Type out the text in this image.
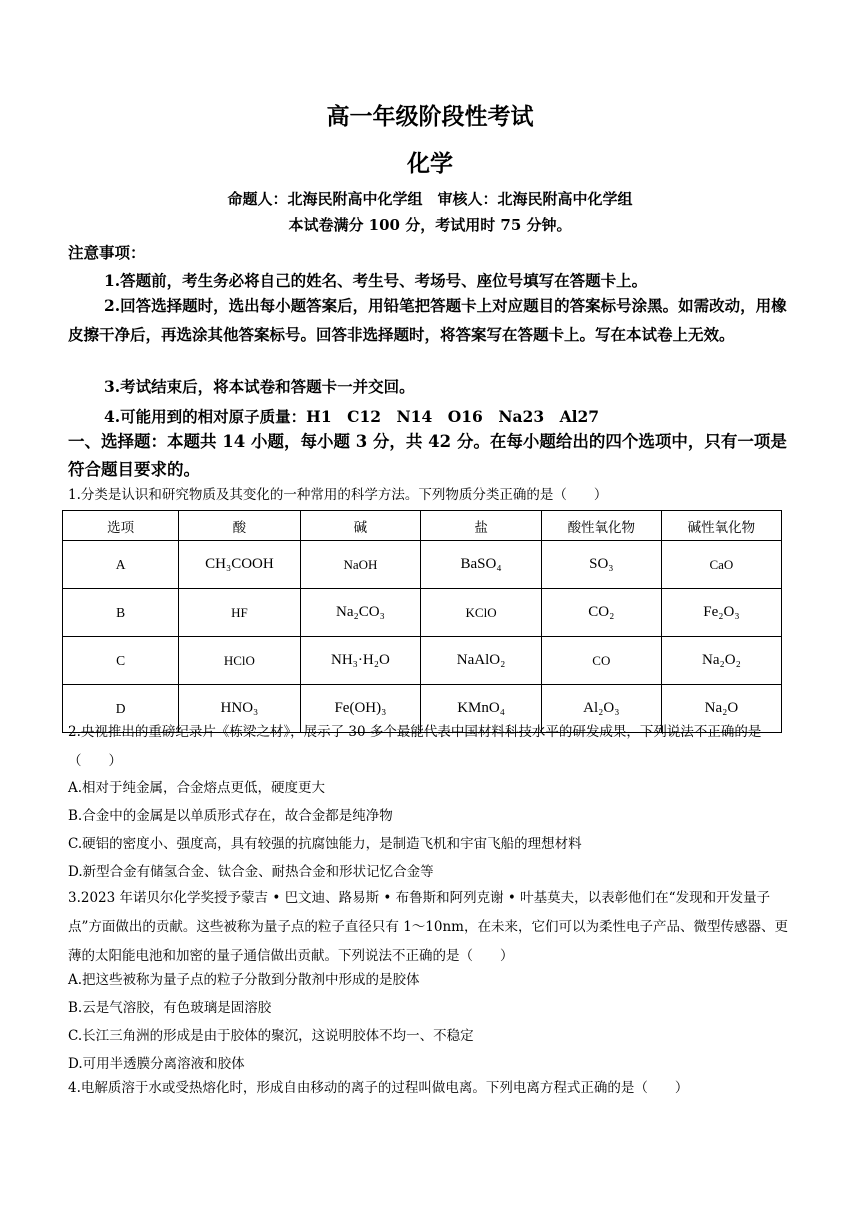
高一年级阶段性考试
化学
命题人：北海民附高中化学组　审核人：北海民附高中化学组
本试卷满分 100 分，考试用时 75 分钟。
注意事项：
1.答题前，考生务必将自己的姓名、考生号、考场号、座位号填写在答题卡上。
2.回答选择题时，选出每小题答案后，用铅笔把答题卡上对应题目的答案标号涂黑。如需改动，用橡皮擦干净后，再选涂其他答案标号。回答非选择题时，将答案写在答题卡上。写在本试卷上无效。
3.考试结束后，将本试卷和答题卡一并交回。
4.可能用到的相对原子质量：H1　C12　N14　O16　Na23　Al27
一、选择题：本题共 14 小题，每小题 3 分，共 42 分。在每小题给出的四个选项中，只有一项是符合题目要求的。
1.分类是认识和研究物质及其变化的一种常用的科学方法。下列物质分类正确的是（　　）
选项	酸	碱	盐	酸性氧化物	碱性氧化物
A	CH₃COOH	NaOH	BaSO₄	SO₃	CaO
B	HF	Na₂CO₃	KClO	CO₂	Fe₂O₃
C	HClO	NH₃·H₂O	NaAlO₂	CO	Na₂O₂
D	HNO₃	Fe(OH)₃	KMnO₄	Al₂O₃	Na₂O
2.央视推出的重磅纪录片《栋梁之材》，展示了 30 多个最能代表中国材料科技水平的研发成果，下列说法不正确的是（　　）
A.相对于纯金属，合金熔点更低，硬度更大
B.合金中的金属是以单质形式存在，故合金都是纯净物
C.硬铝的密度小、强度高，具有较强的抗腐蚀能力，是制造飞机和宇宙飞船的理想材料
D.新型合金有储氢合金、钛合金、耐热合金和形状记忆合金等
3.2023 年诺贝尔化学奖授予蒙吉 • 巴文迪、路易斯 • 布鲁斯和阿列克谢 • 叶基莫夫，以表彰他们在“发现和开发量子点”方面做出的贡献。这些被称为量子点的粒子直径只有 1～10nm，在未来，它们可以为柔性电子产品、微型传感器、更薄的太阳能电池和加密的量子通信做出贡献。下列说法不正确的是（　　）
A.把这些被称为量子点的粒子分散到分散剂中形成的是胶体
B.云是气溶胶，有色玻璃是固溶胶
C.长江三角洲的形成是由于胶体的聚沉，这说明胶体不均一、不稳定
D.可用半透膜分离溶液和胶体
4.电解质溶于水或受热熔化时，形成自由移动的离子的过程叫做电离。下列电离方程式正确的是（　　）
